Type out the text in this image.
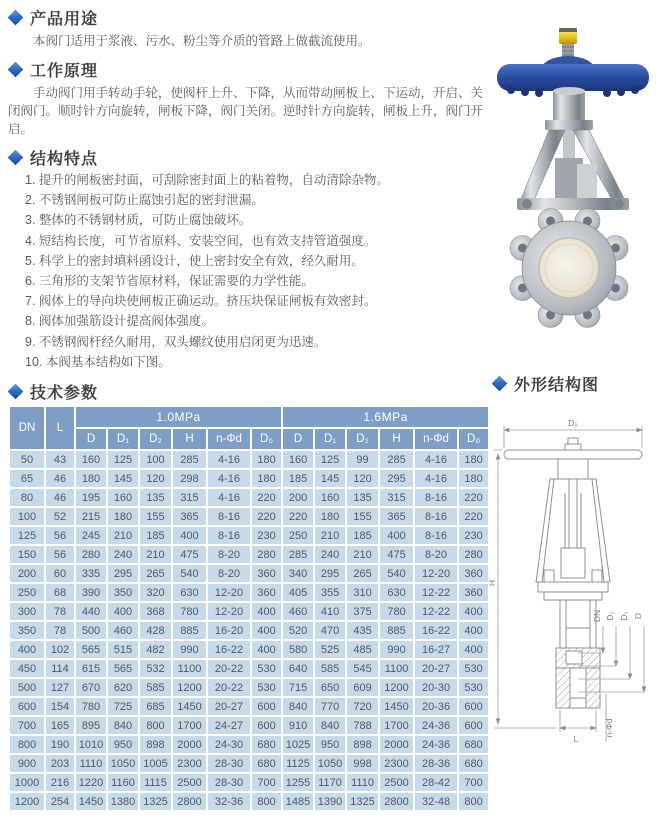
产品用途

本阀门适用于浆液、污水、粉尘等介质的管路上做截流使用。

工作原理

手动阀门用手转动手轮，使阀杆上升、下降，从而带动闸板上、下运动，开启、关闭阀门。顺时针方向旋转，闸板下降，阀门关闭。逆时针方向旋转，闸板上升，阀门开启。

结构特点
1. 提升的闸板密封面，可刮除密封面上的粘着物，自动清除杂物。
2. 不锈钢闸板可防止腐蚀引起的密封泄漏。
3. 整体的不锈钢材质，可防止腐蚀破坏。
4. 短结构长度，可节省原料、安装空间，也有效支持管道强度。
5. 科学上的密封填料函设计，使上密封安全有效，经久耐用。
6. 三角形的支架节省原材料，保证需要的力学性能。
7. 阀体上的导向块使闸板正确运动。挤压块保证闸板有效密封。
8. 阀体加强筋设计提高阀体强度。
9. 不锈钢阀杆经久耐用，双头螺纹使用启闭更为迅速。
10. 本阀基本结构如下图。
技术参数
DN	L	1.0MPa						1.6MPa					
		D	D₁	D₂	H	n-Φd	D₀	D	D₁	D₂	H	n-Φd	D₀
50	43	160	125	100	285	4-16	180	160	125	99	285	4-16	180
65	46	180	145	120	298	4-16	180	185	145	120	295	4-16	180
80	46	195	160	135	315	4-16	220	200	160	135	315	8-16	220
100	52	215	180	155	365	8-16	220	220	180	155	365	8-16	220
125	56	245	210	185	400	8-16	230	250	210	185	400	8-16	230
150	56	280	240	210	475	8-20	280	285	240	210	475	8-20	280
200	60	335	295	265	540	8-20	360	340	295	265	540	12-20	360
250	68	390	350	320	630	12-20	360	405	355	310	630	12-22	360
300	78	440	400	368	780	12-20	400	460	410	375	780	12-22	400
350	78	500	460	428	885	16-20	400	520	470	435	885	16-22	400
400	102	565	515	482	990	16-22	400	580	525	485	990	16-27	400
450	114	615	565	532	1100	20-22	530	640	585	545	1100	20-27	530
500	127	670	620	585	1200	20-22	530	715	650	609	1200	20-30	530
600	154	780	725	685	1450	20-27	600	840	770	720	1450	20-36	600
700	165	895	840	800	1700	24-27	600	910	840	788	1700	24-36	600
800	190	1010	950	898	2000	24-30	680	1025	950	898	2000	24-36	680
900	203	1110	1050	1005	2300	28-30	680	1125	1050	998	2300	28-36	680
1000	216	1220	1160	1115	2500	28-30	700	1255	1170	1110	2500	28-42	700
1200	254	1450	1380	1325	2800	32-36	800	1485	1390	1325	2800	32-48	800
外形结构图
D₀
H
DN D₂ D₁ D
L
n-Φd
